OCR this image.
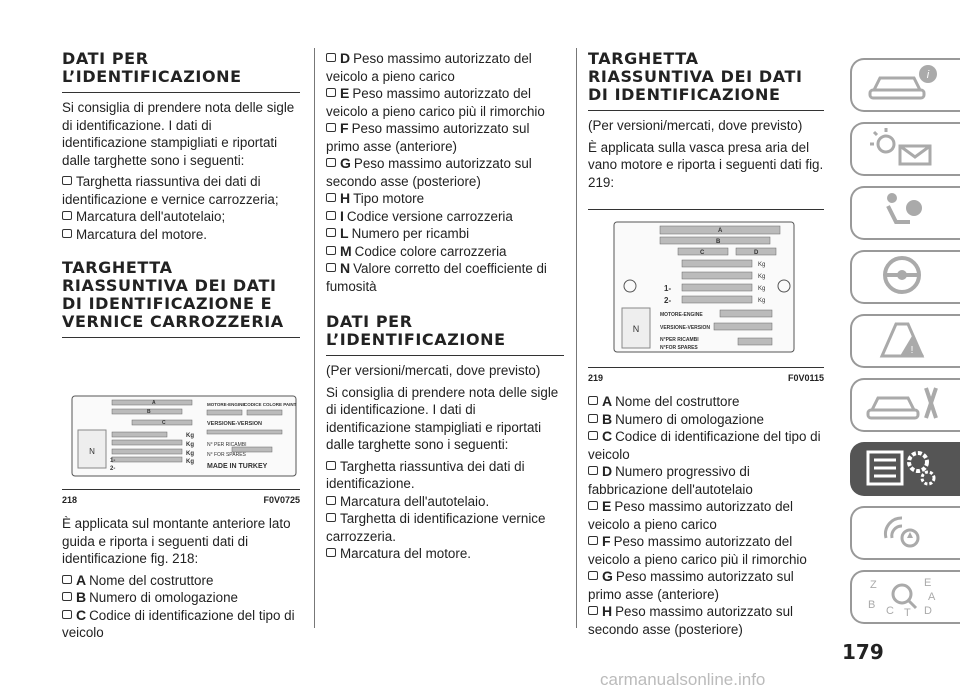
DATI PER L’IDENTIFICAZIONE

Si consiglia di prendere nota delle sigle di identificazione. I dati di identificazione stampigliati e riportati dalle targhette sono i seguenti:

Targhetta riassuntiva dei dati di identificazione e vernice carrozzeria;
Marcatura dell'autotelaio;
Marcatura del motore.
TARGHETTA RIASSUNTIVA DEI DATI DI IDENTIFICAZIONE E VERNICE CARROZZERIA
N
MOTORE-ENGINE
CODICE COLORE PAINT
VERSIONE-VERSION
N° PER RICAMBI
N° FOR SPARES
MADE IN TURKEY
1-
2-
Kg
Kg
Kg
Kg
A
B
C
218	F0V0725

È applicata sul montante anteriore lato guida e riporta i seguenti dati di identificazione fig. 218:

A Nome del costruttore
B Numero di omologazione
C Codice di identificazione del tipo di veicolo
D Peso massimo autorizzato del veicolo a pieno carico
E Peso massimo autorizzato del veicolo a pieno carico più il rimorchio
F Peso massimo autorizzato sul primo asse (anteriore)
G Peso massimo autorizzato sul secondo asse (posteriore)
H Tipo motore
I Codice versione carrozzeria
L Numero per ricambi
M Codice colore carrozzeria
N Valore corretto del coefficiente di fumosità
DATI PER L’IDENTIFICAZIONE

(Per versioni/mercati, dove previsto)

Si consiglia di prendere nota delle sigle di identificazione. I dati di identificazione stampigliati e riportati dalle targhette sono i seguenti:

Targhetta riassuntiva dei dati di identificazione.
Marcatura dell'autotelaio.
Targhetta di identificazione vernice carrozzeria.
Marcatura del motore.
TARGHETTA RIASSUNTIVA DEI DATI DI IDENTIFICAZIONE

(Per versioni/mercati, dove previsto)

È applicata sulla vasca presa aria del vano motore e riporta i seguenti dati fig. 219:

N
Kg
Kg
Kg
Kg
1-
2-
MOTORE-ENGINE
VERSIONE-VERSION
N°PER RICAMBI
N°FOR SPARES
A
B
C	D
219	F0V0115
A Nome del costruttore
B Numero di omologazione
C Codice di identificazione del tipo di veicolo
D Numero progressivo di fabbricazione dell'autotelaio
E Peso massimo autorizzato del veicolo a pieno carico
F Peso massimo autorizzato del veicolo a pieno carico più il rimorchio
G Peso massimo autorizzato sul primo asse (anteriore)
H Peso massimo autorizzato sul secondo asse (posteriore)
i
!
Z	E
A
B C T D
179
carmanualsonline.info
